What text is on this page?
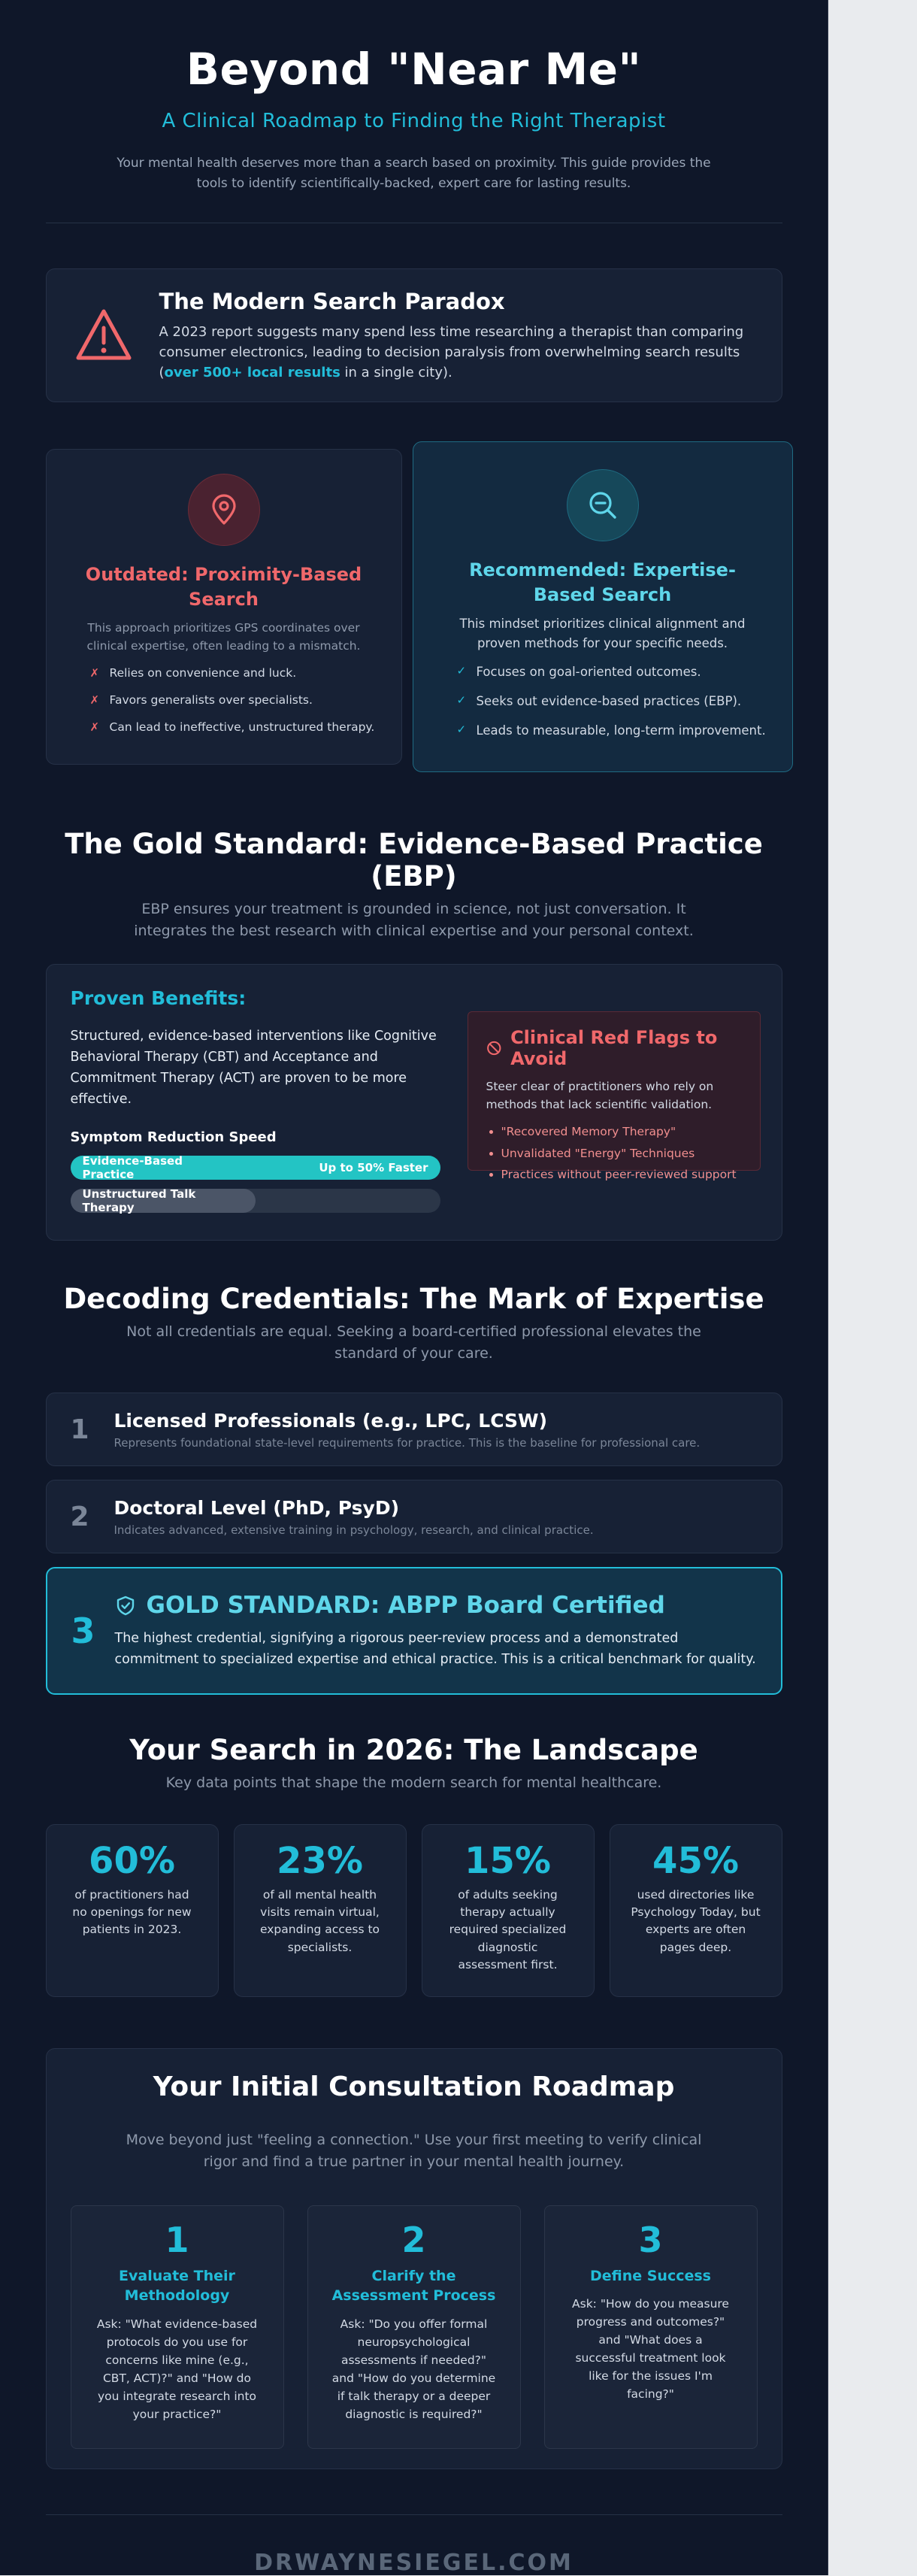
Beyond "Near Me"
A Clinical Roadmap to Finding the Right Therapist

Your mental health deserves more than a search based on proximity. This guide provides the tools to identify scientifically-backed, expert care for lasting results.

The Modern Search Paradox

A 2023 report suggests many spend less time researching a therapist than comparing consumer electronics, leading to decision paralysis from overwhelming search results (over 500+ local results in a single city).

Outdated: Proximity-Based Search

This approach prioritizes GPS coordinates over clinical expertise, often leading to a mismatch.

✗ Relies on convenience and luck.
✗ Favors generalists over specialists.
✗ Can lead to ineffective, unstructured therapy.
Recommended: Expertise-Based Search

This mindset prioritizes clinical alignment and proven methods for your specific needs.

✓ Focuses on goal-oriented outcomes.
✓ Seeks out evidence-based practices (EBP).
✓ Leads to measurable, long-term improvement.
The Gold Standard: Evidence-Based Practice (EBP)

EBP ensures your treatment is grounded in science, not just conversation. It integrates the best research with clinical expertise and your personal context.

Proven Benefits:

Structured, evidence-based interventions like Cognitive Behavioral Therapy (CBT) and Acceptance and Commitment Therapy (ACT) are proven to be more effective.

Symptom Reduction Speed
Evidence-Based Practice	Up to 50% Faster
Unstructured Talk Therapy
Clinical Red Flags to Avoid

Steer clear of practitioners who rely on methods that lack scientific validation.

• "Recovered Memory Therapy"
• Unvalidated "Energy" Techniques
• Practices without peer-reviewed support
Decoding Credentials: The Mark of Expertise

Not all credentials are equal. Seeking a board-certified professional elevates the standard of your care.

1	Licensed Professionals (e.g., LPC, LCSW)

Represents foundational state-level requirements for practice. This is the baseline for professional care.

2	Doctoral Level (PhD, PsyD)

Indicates advanced, extensive training in psychology, research, and clinical practice.

3
GOLD STANDARD: ABPP Board Certified

The highest credential, signifying a rigorous peer-review process and a demonstrated commitment to specialized expertise and ethical practice. This is a critical benchmark for quality.

Your Search in 2026: The Landscape

Key data points that shape the modern search for mental healthcare.

60%

of practitioners had no openings for new patients in 2023.

23%

of all mental health visits remain virtual, expanding access to specialists.

15%

of adults seeking therapy actually required specialized diagnostic assessment first.

45%

used directories like Psychology Today, but experts are often pages deep.

Your Initial Consultation Roadmap

Move beyond just "feeling a connection." Use your first meeting to verify clinical rigor and find a true partner in your mental health journey.

1
Evaluate Their Methodology

Ask: "What evidence-based protocols do you use for concerns like mine (e.g., CBT, ACT)?" and "How do you integrate research into your practice?"

2
Clarify the Assessment Process

Ask: "Do you offer formal neuropsychological assessments if needed?" and "How do you determine if talk therapy or a deeper diagnostic is required?"

3
Define Success

Ask: "How do you measure progress and outcomes?" and "What does a successful treatment look like for the issues I'm facing?"

DRWAYNESIEGEL.COM
